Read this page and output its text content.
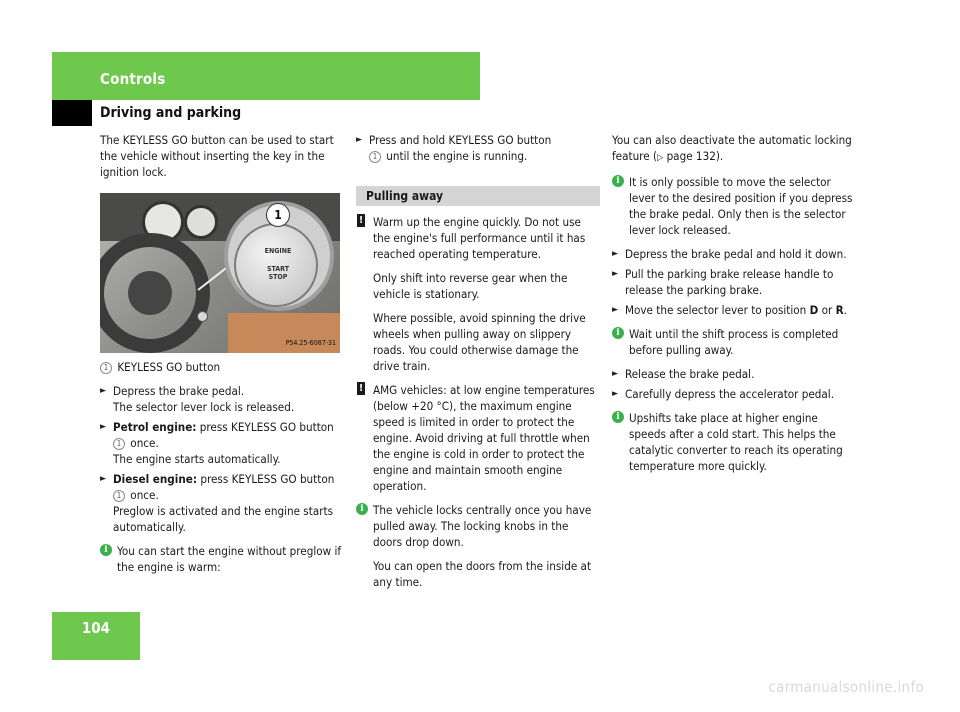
Controls
Driving and parking

The KEYLESS GO button can be used to start the vehicle without inserting the key in the ignition lock.

ENGINE
START
STOP
1
P54.25-6087-31

1 KEYLESS GO button

► Depress the brake pedal.
The selector lever lock is released.
► Petrol engine: press KEYLESS GO button
1 once.
The engine starts automatically.
► Diesel engine: press KEYLESS GO button
1 once.
Preglow is activated and the engine starts automatically.
i You can start the engine without preglow if the engine is warm:
► Press and hold KEYLESS GO button
1 until the engine is running.
Pulling away
! Warm up the engine quickly. Do not use the engine's full performance until it has reached operating temperature.
Only shift into reverse gear when the vehicle is stationary.
Where possible, avoid spinning the drive wheels when pulling away on slippery roads. You could otherwise damage the drive train.
! AMG vehicles: at low engine temperatures (below +20 °C), the maximum engine speed is limited in order to protect the engine. Avoid driving at full throttle when the engine is cold in order to protect the engine and maintain smooth engine operation.
i The vehicle locks centrally once you have pulled away. The locking knobs in the doors drop down.
You can open the doors from the inside at any time.

You can also deactivate the automatic locking feature (▷ page 132).

i It is only possible to move the selector lever to the desired position if you depress the brake pedal. Only then is the selector lever lock released.
► Depress the brake pedal and hold it down.
► Pull the parking brake release handle to release the parking brake.
► Move the selector lever to position D or R.
i Wait until the shift process is completed before pulling away.
► Release the brake pedal.
► Carefully depress the accelerator pedal.
i Upshifts take place at higher engine speeds after a cold start. This helps the catalytic converter to reach its operating temperature more quickly.
104
carmanualsonline.info
